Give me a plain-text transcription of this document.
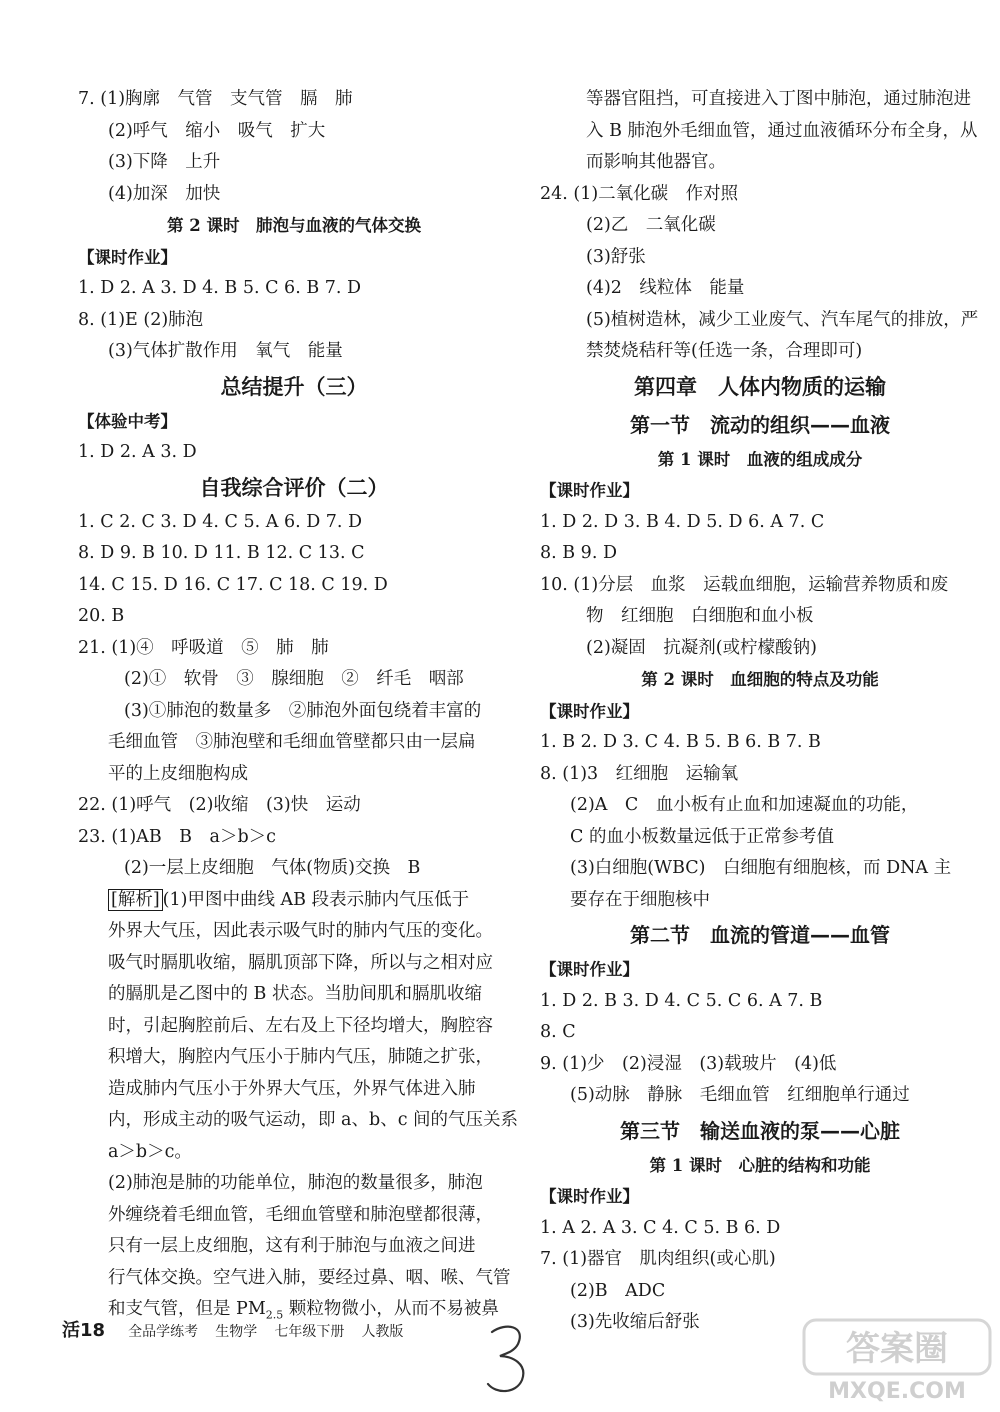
7. (1)胸廓　气管　支气管　膈　肺
(2)呼气　缩小　吸气　扩大
(3)下降　上升
(4)加深　加快
第 2 课时　肺泡与血液的气体交换
【课时作业】
1. D 2. A 3. D 4. B 5. C 6. B 7. D
8. (1)E (2)肺泡
(3)气体扩散作用　氧气　能量
总结提升（三）
【体验中考】
1. D 2. A 3. D
自我综合评价（二）
1. C 2. C 3. D 4. C 5. A 6. D 7. D
8. D 9. B 10. D 11. B 12. C 13. C
14. C 15. D 16. C 17. C 18. C 19. D
20. B
21. (1)④　呼吸道　⑤　肺　肺
(2)①　软骨　③　腺细胞　②　纤毛　咽部
(3)①肺泡的数量多　②肺泡外面包绕着丰富的
毛细血管　③肺泡壁和毛细血管壁都只由一层扁
平的上皮细胞构成
22. (1)呼气　(2)收缩　(3)快　运动
23. (1)AB　B　a＞b＞c
(2)一层上皮细胞　气体(物质)交换　B
[解析] (1)甲图中曲线 AB 段表示肺内气压低于
外界大气压，因此表示吸气时的肺内气压的变化。
吸气时膈肌收缩，膈肌顶部下降，所以与之相对应
的膈肌是乙图中的 B 状态。当肋间肌和膈肌收缩
时，引起胸腔前后、左右及上下径均增大，胸腔容
积增大，胸腔内气压小于肺内气压，肺随之扩张，
造成肺内气压小于外界大气压，外界气体进入肺
内，形成主动的吸气运动，即 a、b、c 间的气压关系
a＞b＞c。
(2)肺泡是肺的功能单位，肺泡的数量很多，肺泡
外缠绕着毛细血管，毛细血管壁和肺泡壁都很薄，
只有一层上皮细胞，这有利于肺泡与血液之间进
行气体交换。空气进入肺，要经过鼻、咽、喉、气管
和支气管，但是 $PM_{2.5}$ 颗粒物微小，从而不易被鼻
等器官阻挡，可直接进入丁图中肺泡，通过肺泡进
入 B 肺泡外毛细血管，通过血液循环分布全身，从
而影响其他器官。
24. (1)二氧化碳　作对照
(2)乙　二氧化碳
(3)舒张
(4)2　线粒体　能量
(5)植树造林，减少工业废气、汽车尾气的排放，严
禁焚烧秸秆等(任选一条，合理即可)
第四章　人体内物质的运输
第一节　流动的组织——血液
第 1 课时　血液的组成成分
【课时作业】
1. D 2. D 3. B 4. D 5. D 6. A 7. C
8. B 9. D
10. (1)分层　血浆　运载血细胞，运输营养物质和废
物　红细胞　白细胞和血小板
(2)凝固　抗凝剂(或柠檬酸钠)
第 2 课时　血细胞的特点及功能
【课时作业】
1. B 2. D 3. C 4. B 5. B 6. B 7. B
8. (1)3　红细胞　运输氧
(2)A　C　血小板有止血和加速凝血的功能，
C 的血小板数量远低于正常参考值
(3)白细胞(WBC)　白细胞有细胞核，而 DNA 主
要存在于细胞核中
第二节　血流的管道——血管
【课时作业】
1. D 2. B 3. D 4. C 5. C 6. A 7. B
8. C
9. (1)少　(2)浸湿　(3)载玻片　(4)低
(5)动脉　静脉　毛细血管　红细胞单行通过
第三节　输送血液的泵——心脏
第 1 课时　心脏的结构和功能
【课时作业】
1. A 2. A 3. C 4. C 5. B 6. D
7. (1)器官　肌肉组织(或心肌)
(2)B　ADC
(3)先收缩后舒张
活18 全品学练考 生物学 七年级下册 人教版	答案圈
MXQE.COM
